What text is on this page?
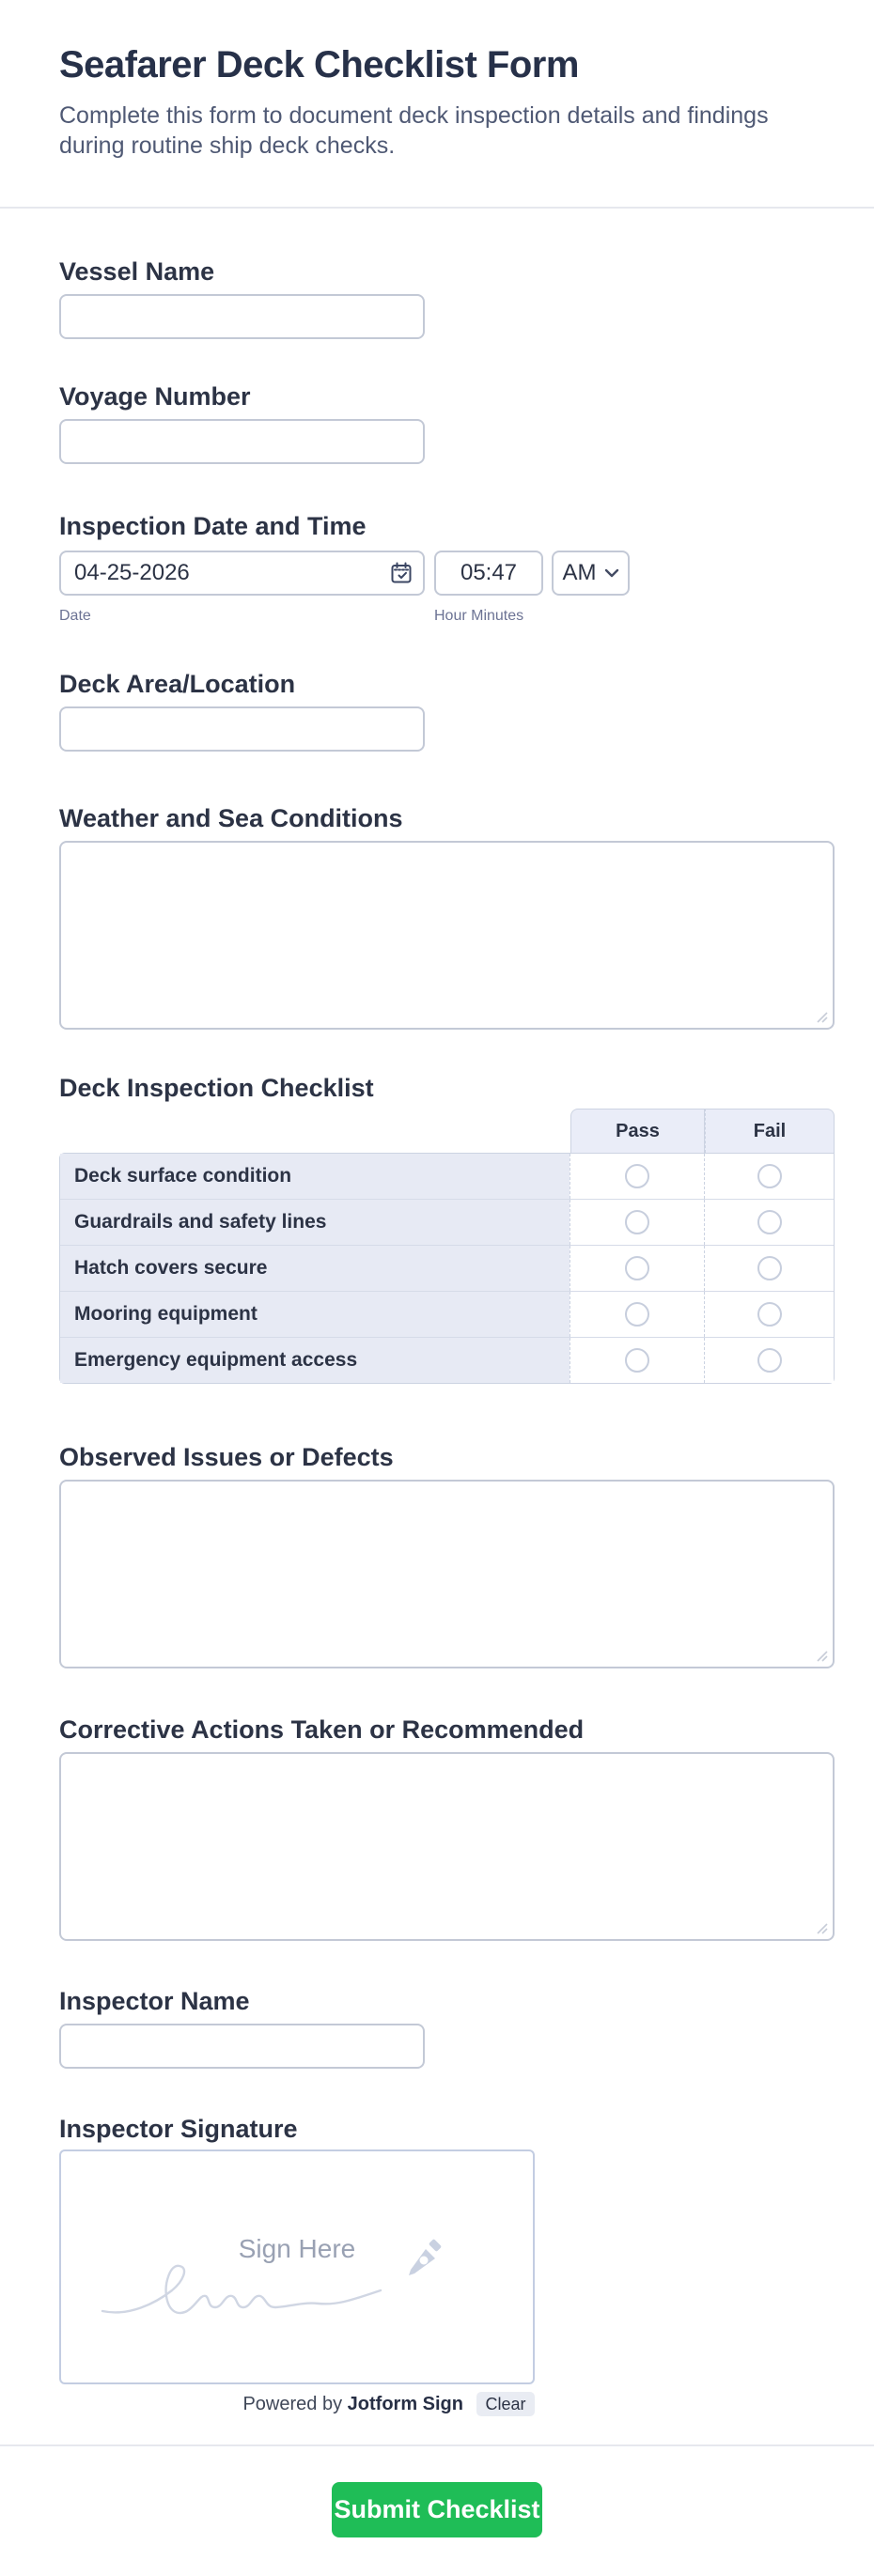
Seafarer Deck Checklist Form
Complete this form to document deck inspection details and findings during routine ship deck checks.
Vessel Name
Voyage Number
Inspection Date and Time
04-25-2026
05:47
AM
Date	Hour Minutes
Deck Area/Location
Weather and Sea Conditions
Deck Inspection Checklist
Pass	Fail
Deck surface condition
Guardrails and safety lines
Hatch covers secure
Mooring equipment
Emergency equipment access
Observed Issues or Defects
Corrective Actions Taken or Recommended
Inspector Name
Inspector Signature
Sign Here
Powered by Jotform Sign	Clear
Submit Checklist
